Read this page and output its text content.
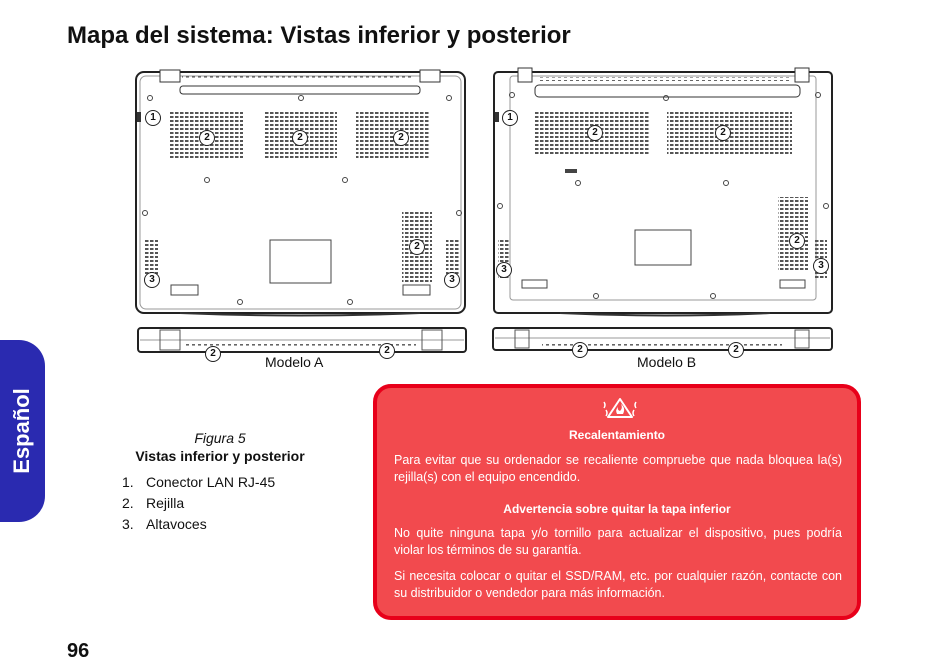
Mapa del sistema: Vistas inferior y posterior
Español
1
2	2	2
2
3	3
2	2
1
2	2
2
3	3
2	2
Modelo A	Modelo B

Figura 5

Vistas inferior y posterior

1. Conector LAN RJ-45
2. Rejilla
3. Altavoces
Recalentamiento

Para evitar que su ordenador se recaliente compruebe que nada bloquea la(s) rejilla(s) con el equipo encendido.

Advertencia sobre quitar la tapa inferior

No quite ninguna tapa y/o tornillo para actualizar el dispositivo, pues podría violar los términos de su garantía.

Si necesita colocar o quitar el SSD/RAM, etc. por cualquier razón, contacte con su distribuidor o vendedor para más información.

96
